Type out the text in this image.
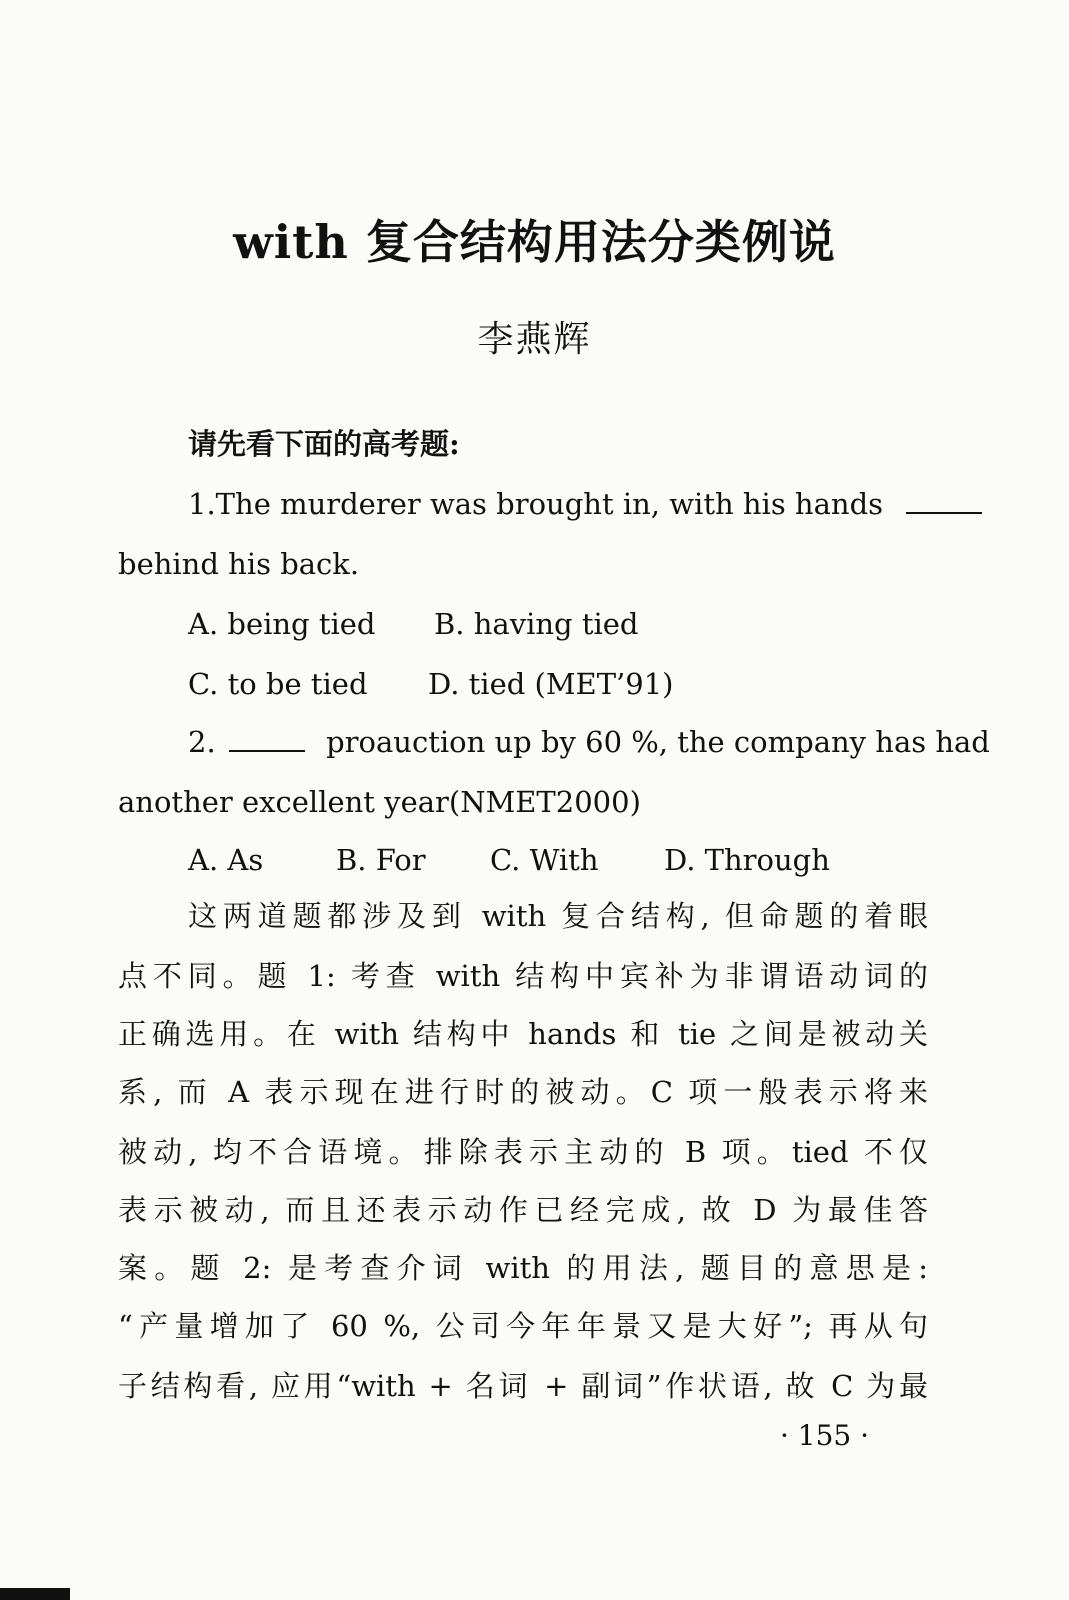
with 复合结构用法分类例说
李燕辉
请先看下面的高考题:
1.The murderer was brought in, with his hands
behind his back.
A. being tied B. having tied
C. to be tied D. tied (MET’91)
2.	proauction up by 60 %, the company has had
another excellent year(NMET2000)
A. As	B. For C. With D. Through
这两道题都涉及到 with 复合结构, 但命题的着眼
点不同。题 1: 考查 with 结构中宾补为非谓语动词的
正确选用。在 with 结构中 hands 和 tie 之间是被动关
系, 而 A 表示现在进行时的被动。C 项一般表示将来
被动, 均不合语境。排除表示主动的 B 项。tied 不仅
表示被动, 而且还表示动作已经完成, 故 D 为最佳答
案。题 2: 是考查介词 with 的用法, 题目的意思是:
“产量增加了 60 %, 公司今年年景又是大好”; 再从句
子结构看, 应用“with + 名词 + 副词”作状语, 故 C 为最
· 155 ·
